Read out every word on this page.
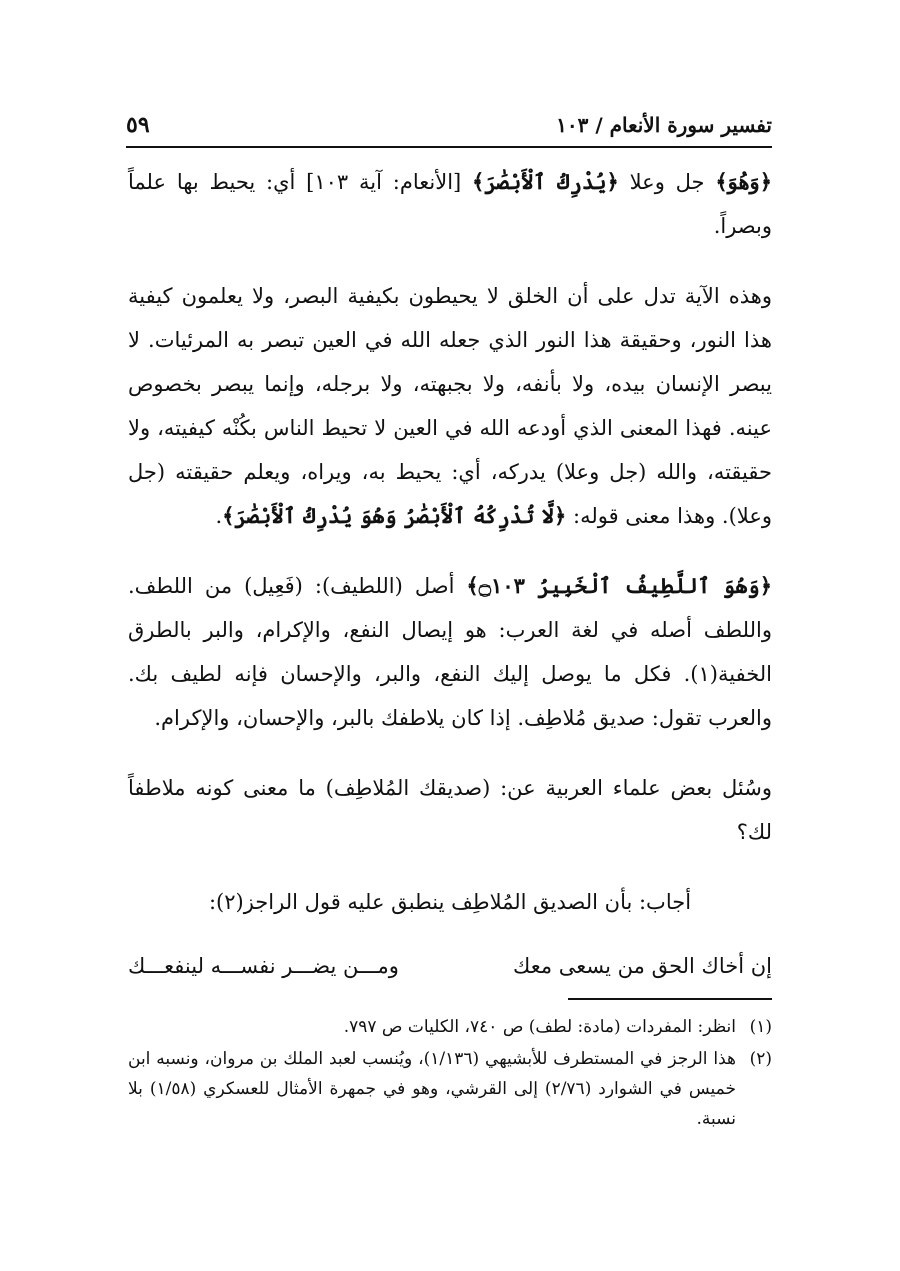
تفسير سورة الأنعام / ١٠٣
٥٩

﴿وَهُوَ﴾ جل وعلا ﴿يُدْرِكُ ٱلْأَبْصَٰرَ﴾ [الأنعام: آية ١٠٣] أي: يحيط بها علماً وبصراً.

وهذه الآية تدل على أن الخلق لا يحيطون بكيفية البصر، ولا يعلمون كيفية هذا النور، وحقيقة هذا النور الذي جعله الله في العين تبصر به المرئيات. لا يبصر الإنسان بيده، ولا بأنفه، ولا بجبهته، ولا برجله، وإنما يبصر بخصوص عينه. فهذا المعنى الذي أودعه الله في العين لا تحيط الناس بكُنْه كيفيته، ولا حقيقته، والله (جل وعلا) يدركه، أي: يحيط به، ويراه، ويعلم حقيقته (جل وعلا). وهذا معنى قوله: ﴿لَّا تُدْرِكُهُ ٱلْأَبْصَٰرُ وَهُوَ يُدْرِكُ ٱلْأَبْصَٰرَ﴾.

﴿وَهُوَ ٱللَّطِيفُ ٱلْخَبِيرُ ۝١٠٣﴾ أصل (اللطيف): (فَعِيل) من اللطف. واللطف أصله في لغة العرب: هو إيصال النفع، والإكرام، والبر بالطرق الخفية(١). فكل ما يوصل إليك النفع، والبر، والإحسان فإنه لطيف بك. والعرب تقول: صديق مُلاطِف. إذا كان يلاطفك بالبر، والإحسان، والإكرام.

وسُئل بعض علماء العربية عن: (صديقك المُلاطِف) ما معنى كونه ملاطفاً لك؟

أجاب: بأن الصديق المُلاطِف ينطبق عليه قول الراجز(٢):

إن أخاك الحق من يسعى معك
ومـــن يضـــر نفســـه لينفعـــك
(١)
انظر: المفردات (مادة: لطف) ص ٧٤٠، الكليات ص ٧٩٧.
(٢)
هذا الرجز في المستطرف للأبشيهي (١/١٣٦)، ويُنسب لعبد الملك بن مروان، ونسبه ابن خميس في الشوارد (٢/٧٦) إلى القرشي، وهو في جمهرة الأمثال للعسكري (١/٥٨) بلا نسبة.
